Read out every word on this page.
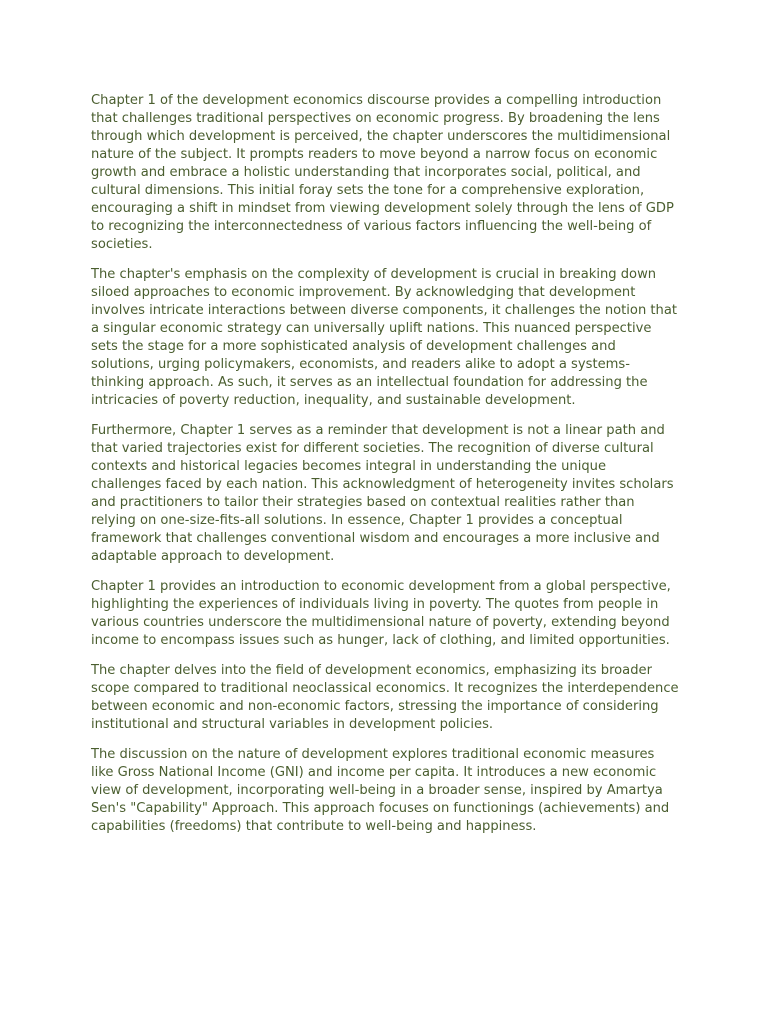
Chapter 1 of the development economics discourse provides a compelling introduction that challenges traditional perspectives on economic progress. By broadening the lens through which development is perceived, the chapter underscores the multidimensional nature of the subject. It prompts readers to move beyond a narrow focus on economic growth and embrace a holistic understanding that incorporates social, political, and cultural dimensions. This initial foray sets the tone for a comprehensive exploration, encouraging a shift in mindset from viewing development solely through the lens of GDP to recognizing the interconnectedness of various factors influencing the well-being of societies.

The chapter's emphasis on the complexity of development is crucial in breaking down siloed approaches to economic improvement. By acknowledging that development involves intricate interactions between diverse components, it challenges the notion that a singular economic strategy can universally uplift nations. This nuanced perspective sets the stage for a more sophisticated analysis of development challenges and solutions, urging policymakers, economists, and readers alike to adopt a systems-thinking approach. As such, it serves as an intellectual foundation for addressing the intricacies of poverty reduction, inequality, and sustainable development.

Furthermore, Chapter 1 serves as a reminder that development is not a linear path and that varied trajectories exist for different societies. The recognition of diverse cultural contexts and historical legacies becomes integral in understanding the unique challenges faced by each nation. This acknowledgment of heterogeneity invites scholars and practitioners to tailor their strategies based on contextual realities rather than relying on one-size-fits-all solutions. In essence, Chapter 1 provides a conceptual framework that challenges conventional wisdom and encourages a more inclusive and adaptable approach to development.

Chapter 1 provides an introduction to economic development from a global perspective, highlighting the experiences of individuals living in poverty. The quotes from people in various countries underscore the multidimensional nature of poverty, extending beyond income to encompass issues such as hunger, lack of clothing, and limited opportunities.

The chapter delves into the field of development economics, emphasizing its broader scope compared to traditional neoclassical economics. It recognizes the interdependence between economic and non-economic factors, stressing the importance of considering institutional and structural variables in development policies.

The discussion on the nature of development explores traditional economic measures like Gross National Income (GNI) and income per capita. It introduces a new economic view of development, incorporating well-being in a broader sense, inspired by Amartya Sen's "Capability" Approach. This approach focuses on functionings (achievements) and capabilities (freedoms) that contribute to well-being and happiness.
